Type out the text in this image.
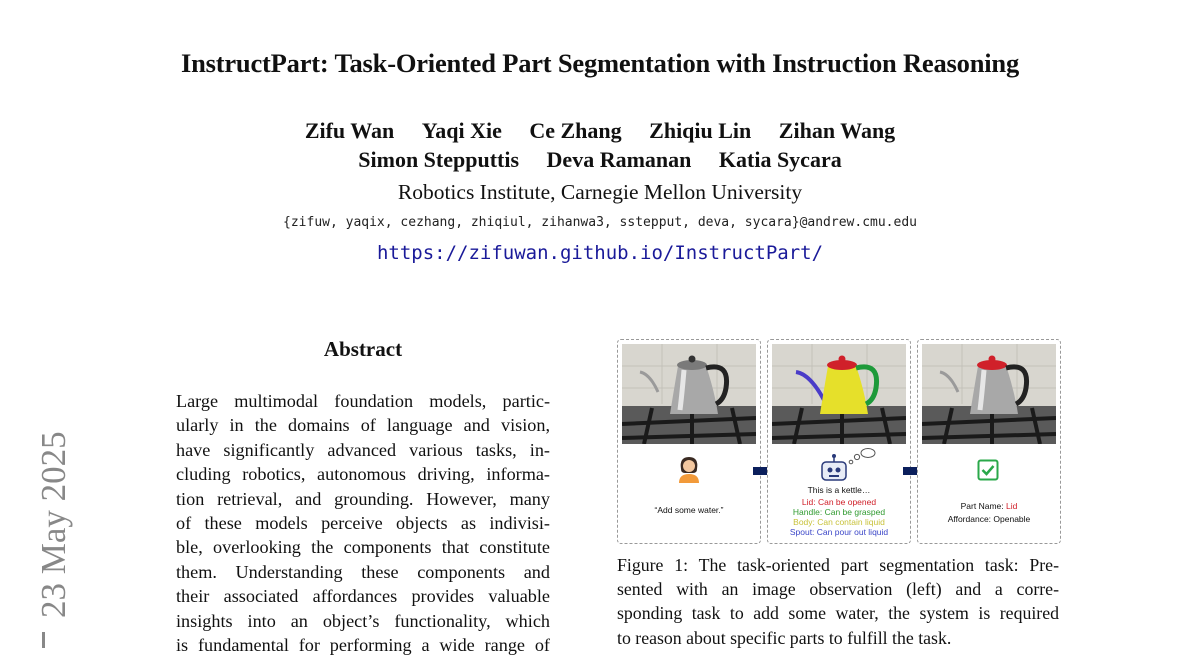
InstructPart: Task-Oriented Part Segmentation with Instruction Reasoning
Zifu Wan Yaqi Xie Ce Zhang Zhiqiu Lin Zihan Wang
Simon Stepputtis Deva Ramanan Katia Sycara
Robotics Institute, Carnegie Mellon University
{zifuw, yaqix, cezhang, zhiqiul, zihanwa3, sstepput, deva, sycara}@andrew.cmu.edu
https://zifuwan.github.io/InstructPart/
23 May 2025
Abstract
Large multimodal foundation models, partic-
ularly in the domains of language and vision,
have significantly advanced various tasks, in-
cluding robotics, autonomous driving, informa-
tion retrieval, and grounding. However, many
of these models perceive objects as indivisi-
ble, overlooking the components that constitute
them. Understanding these components and
their associated affordances provides valuable
insights into an object’s functionality, which
is fundamental for performing a wide range of
“Add some water.”
This is a kettle…
Lid: Can be opened
Handle: Can be grasped
Body: Can contain liquid
Spout: Can pour out liquid
Part Name: Lid
Affordance: Openable
Figure 1: The task-oriented part segmentation task: Pre-
sented with an image observation (left) and a corre-
sponding task to add some water, the system is required
to reason about specific parts to fulfill the task.
